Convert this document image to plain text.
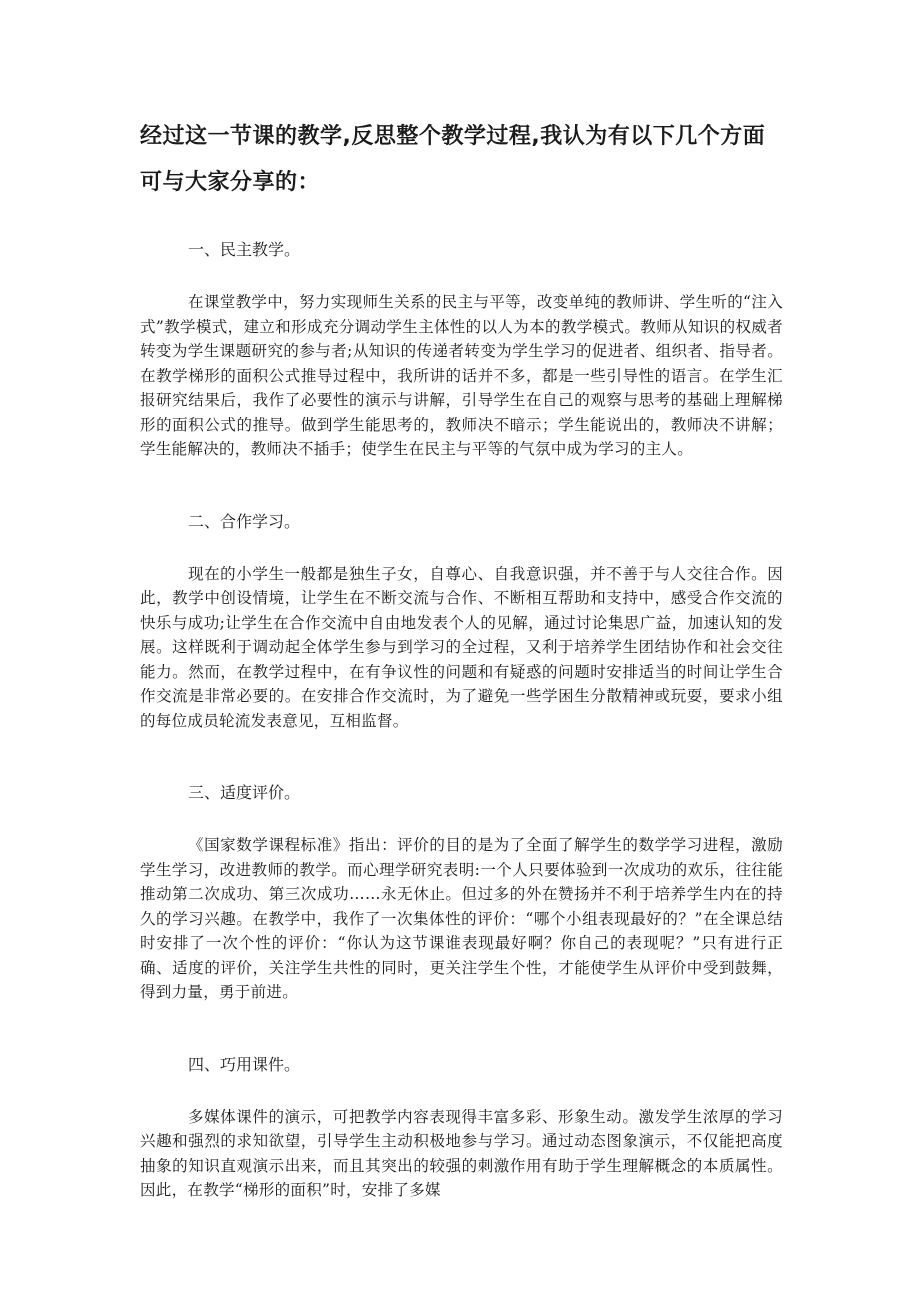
经过这一节课的教学,反思整个教学过程,我认为有以下几个方面可与大家分享的：

一、民主教学。

在课堂教学中，努力实现师生关系的民主与平等，改变单纯的教师讲、学生听的“注入式”教学模式，建立和形成充分调动学生主体性的以人为本的教学模式。教师从知识的权威者转变为学生课题研究的参与者;从知识的传递者转变为学生学习的促进者、组织者、指导者。在教学梯形的面积公式推导过程中，我所讲的话并不多，都是一些引导性的语言。在学生汇报研究结果后，我作了必要性的演示与讲解，引导学生在自己的观察与思考的基础上理解梯形的面积公式的推导。做到学生能思考的，教师决不暗示；学生能说出的，教师决不讲解；学生能解决的，教师决不插手；使学生在民主与平等的气氛中成为学习的主人。

二、合作学习。

现在的小学生一般都是独生子女，自尊心、自我意识强，并不善于与人交往合作。因此，教学中创设情境，让学生在不断交流与合作、不断相互帮助和支持中，感受合作交流的快乐与成功;让学生在合作交流中自由地发表个人的见解，通过讨论集思广益，加速认知的发展。这样既利于调动起全体学生参与到学习的全过程，又利于培养学生团结协作和社会交往能力。然而，在教学过程中，在有争议性的问题和有疑惑的问题时安排适当的时间让学生合作交流是非常必要的。在安排合作交流时，为了避免一些学困生分散精神或玩耍，要求小组的每位成员轮流发表意见，互相监督。

三、适度评价。

《国家数学课程标准》指出：评价的目的是为了全面了解学生的数学学习进程，激励学生学习，改进教师的教学。而心理学研究表明:一个人只要体验到一次成功的欢乐，往往能推动第二次成功、第三次成功……永无休止。但过多的外在赞扬并不利于培养学生内在的持久的学习兴趣。在教学中，我作了一次集体性的评价：“哪个小组表现最好的？”在全课总结时安排了一次个性的评价：“你认为这节课谁表现最好啊？你自己的表现呢？”只有进行正确、适度的评价，关注学生共性的同时，更关注学生个性，才能使学生从评价中受到鼓舞，得到力量，勇于前进。

四、巧用课件。

多媒体课件的演示，可把教学内容表现得丰富多彩、形象生动。激发学生浓厚的学习兴趣和强烈的求知欲望，引导学生主动积极地参与学习。通过动态图象演示，不仅能把高度抽象的知识直观演示出来，而且其突出的较强的刺激作用有助于学生理解概念的本质属性。因此，在教学“梯形的面积”时，安排了多媒
